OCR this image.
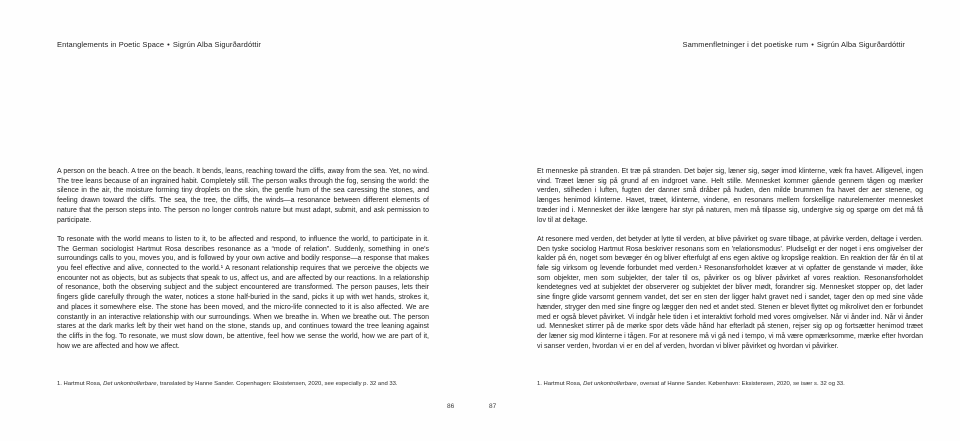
Entanglements in Poetic Space • Sigrún Alba Sigurðardóttir	Sammenfletninger i det poetiske rum • Sigrún Alba Sigurðardóttir

A person on the beach. A tree on the beach. It bends, leans, reaching toward the cliffs, away from the sea. Yet, no wind. The tree leans because of an ingrained habit. Completely still. The person walks through the fog, sensing the world: the silence in the air, the moisture forming tiny droplets on the skin, the gentle hum of the sea caressing the stones, and feeling drawn toward the cliffs. The sea, the tree, the cliffs, the winds—a resonance between different elements of nature that the person steps into. The person no longer controls nature but must adapt, submit, and ask permission to participate.

To resonate with the world means to listen to it, to be affected and respond, to influence the world, to participate in it. The German sociologist Hartmut Rosa describes resonance as a “mode of relation”. Suddenly, something in one's surroundings calls to you, moves you, and is followed by your own active and bodily response—a response that makes you feel effective and alive, connected to the world.¹ A resonant relationship requires that we perceive the objects we encounter not as objects, but as subjects that speak to us, affect us, and are affected by our reactions. In a relationship of resonance, both the observing subject and the subject encountered are transformed. The person pauses, lets their fingers glide carefully through the water, notices a stone half-buried in the sand, picks it up with wet hands, strokes it, and places it somewhere else. The stone has been moved, and the micro-life connected to it is also affected. We are constantly in an interactive relationship with our surroundings. When we breathe in. When we breathe out. The person stares at the dark marks left by their wet hand on the stone, stands up, and continues toward the tree leaning against the cliffs in the fog. To resonate, we must slow down, be attentive, feel how we sense the world, how we are part of it, how we are affected and how we affect.

Et menneske på stranden. Et træ på stranden. Det bøjer sig, læner sig, søger imod klinterne, væk fra havet. Alligevel, ingen vind. Træet læner sig på grund af en indgroet vane. Helt stille. Mennesket kommer gående gennem tågen og mærker verden, stilheden i luften, fugten der danner små dråber på huden, den milde brummen fra havet der aer stenene, og længes henimod klinterne. Havet, træet, klinterne, vindene, en resonans mellem forskellige naturelementer mennesket træder ind i. Mennesket der ikke længere har styr på naturen, men må tilpasse sig, undergive sig og spørge om det må få lov til at deltage.

At resonere med verden, det betyder at lytte til verden, at blive påvirket og svare tilbage, at påvirke verden, deltage i verden. Den tyske sociolog Hartmut Rosa beskriver resonans som en 'relationsmodus'. Pludseligt er der noget i ens omgivelser der kalder på én, noget som bevæger én og bliver efterfulgt af ens egen aktive og kropslige reaktion. En reaktion der får én til at føle sig virksom og levende forbundet med verden.¹ Resonansforholdet kræver at vi opfatter de genstande vi møder, ikke som objekter, men som subjekter, der taler til os, påvirker os og bliver påvirket af vores reaktion. Resonansforholdet kendetegnes ved at subjektet der observerer og subjektet der bliver mødt, forandrer sig. Mennesket stopper op, det lader sine fingre glide varsomt gennem vandet, det ser en sten der ligger halvt gravet ned i sandet, tager den op med sine våde hænder, stryger den med sine fingre og lægger den ned et andet sted. Stenen er blevet flyttet og mikrolivet den er forbundet med er også blevet påvirket. Vi indgår hele tiden i et interaktivt forhold med vores omgivelser. Når vi ånder ind. Når vi ånder ud. Mennesket stirrer på de mørke spor dets våde hånd har efterladt på stenen, rejser sig op og fortsætter henimod træet der læner sig mod klinterne i tågen. For at resonere må vi gå ned i tempo, vi må være opmærksomme, mærke efter hvordan vi sanser verden, hvordan vi er en del af verden, hvordan vi bliver påvirket og hvordan vi påvirker.

1. Hartmut Rosa, Det unkontrollerbare, translated by Hanne Sander. Copenhagen: Eksistensen, 2020, see especially p. 32 and 33.	1. Hartmut Rosa, Det unkontrollerbare, oversat af Hanne Sander. København: Eksistensen, 2020, se især s. 32 og 33.
86	87
